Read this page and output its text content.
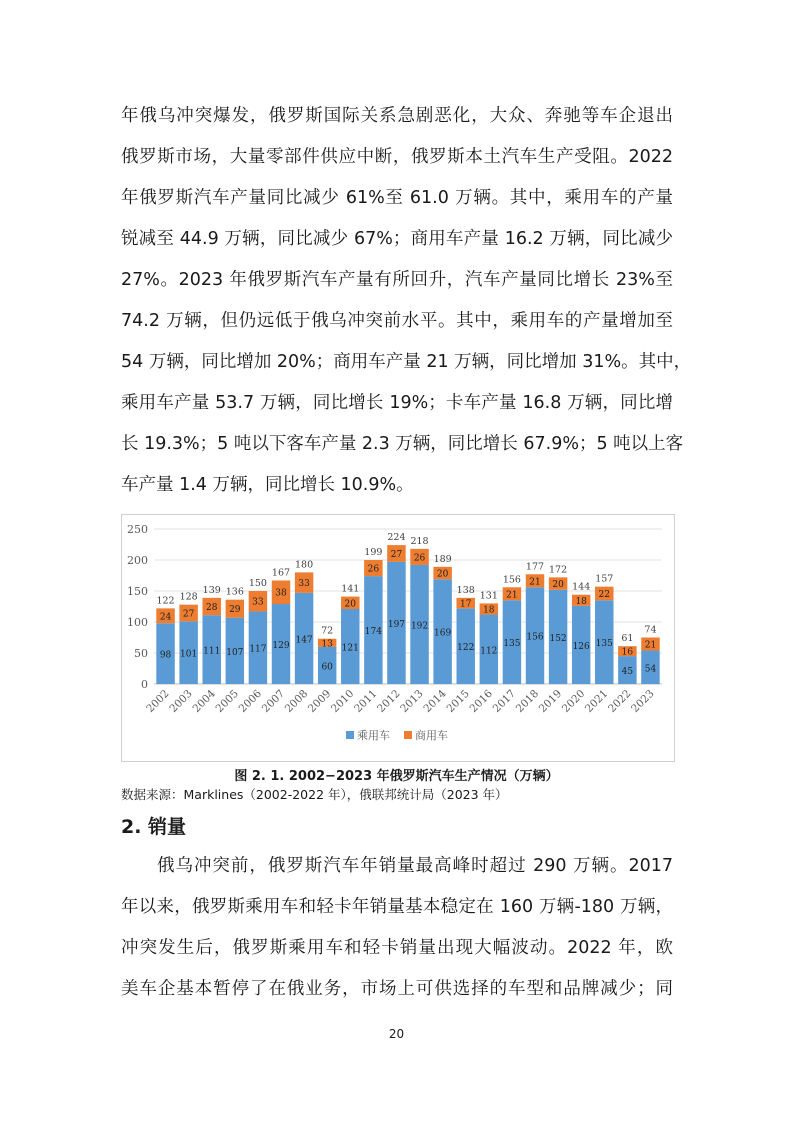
年俄乌冲突爆发，俄罗斯国际关系急剧恶化，大众、奔驰等车企退出
俄罗斯市场，大量零部件供应中断，俄罗斯本土汽车生产受阻。2022
年俄罗斯汽车产量同比减少 61%至 61.0 万辆。其中，乘用车的产量
锐减至 44.9 万辆，同比减少 67%；商用车产量 16.2 万辆，同比减少
27%。2023 年俄罗斯汽车产量有所回升，汽车产量同比增长 23%至
74.2 万辆，但仍远低于俄乌冲突前水平。其中，乘用车的产量增加至
54 万辆，同比增加 20%；商用车产量 21 万辆，同比增加 31%。其中，
乘用车产量 53.7 万辆，同比增长 19%；卡车产量 16.8 万辆，同比增
长 19.3%；5 吨以下客车产量 2.3 万辆，同比增长 67.9%；5 吨以上客
车产量 1.4 万辆，同比增长 10.9%。
0
50
100
150
200
250
98
24
122
2002
101
27
128
2003
111
28
139
2004
107
29
136
2005
117
33
150
2006
129
38
167
2007
147
33
180
2008
60
13
72
2009
121
20
141
2010
174
26
199
2011
197
27
224
2012
192
26
218
2013
169
20
189
2014
122
17
138
2015
112
18
131
2016
135
21
156
2017
156
21
177
2018
152
20
172
2019
126
18
144
2020
135
22
157
2021
45
16
61
2022
54
21
74
2023
乘用车 商用车
图 2. 1. 2002−2023 年俄罗斯汽车生产情况（万辆）
数据来源：Marklines（2002-2022 年），俄联邦统计局（2023 年）
2. 销量
俄乌冲突前，俄罗斯汽车年销量最高峰时超过 290 万辆。2017
年以来，俄罗斯乘用车和轻卡年销量基本稳定在 160 万辆-180 万辆，
冲突发生后，俄罗斯乘用车和轻卡销量出现大幅波动。2022 年，欧
美车企基本暂停了在俄业务，市场上可供选择的车型和品牌减少；同
20
